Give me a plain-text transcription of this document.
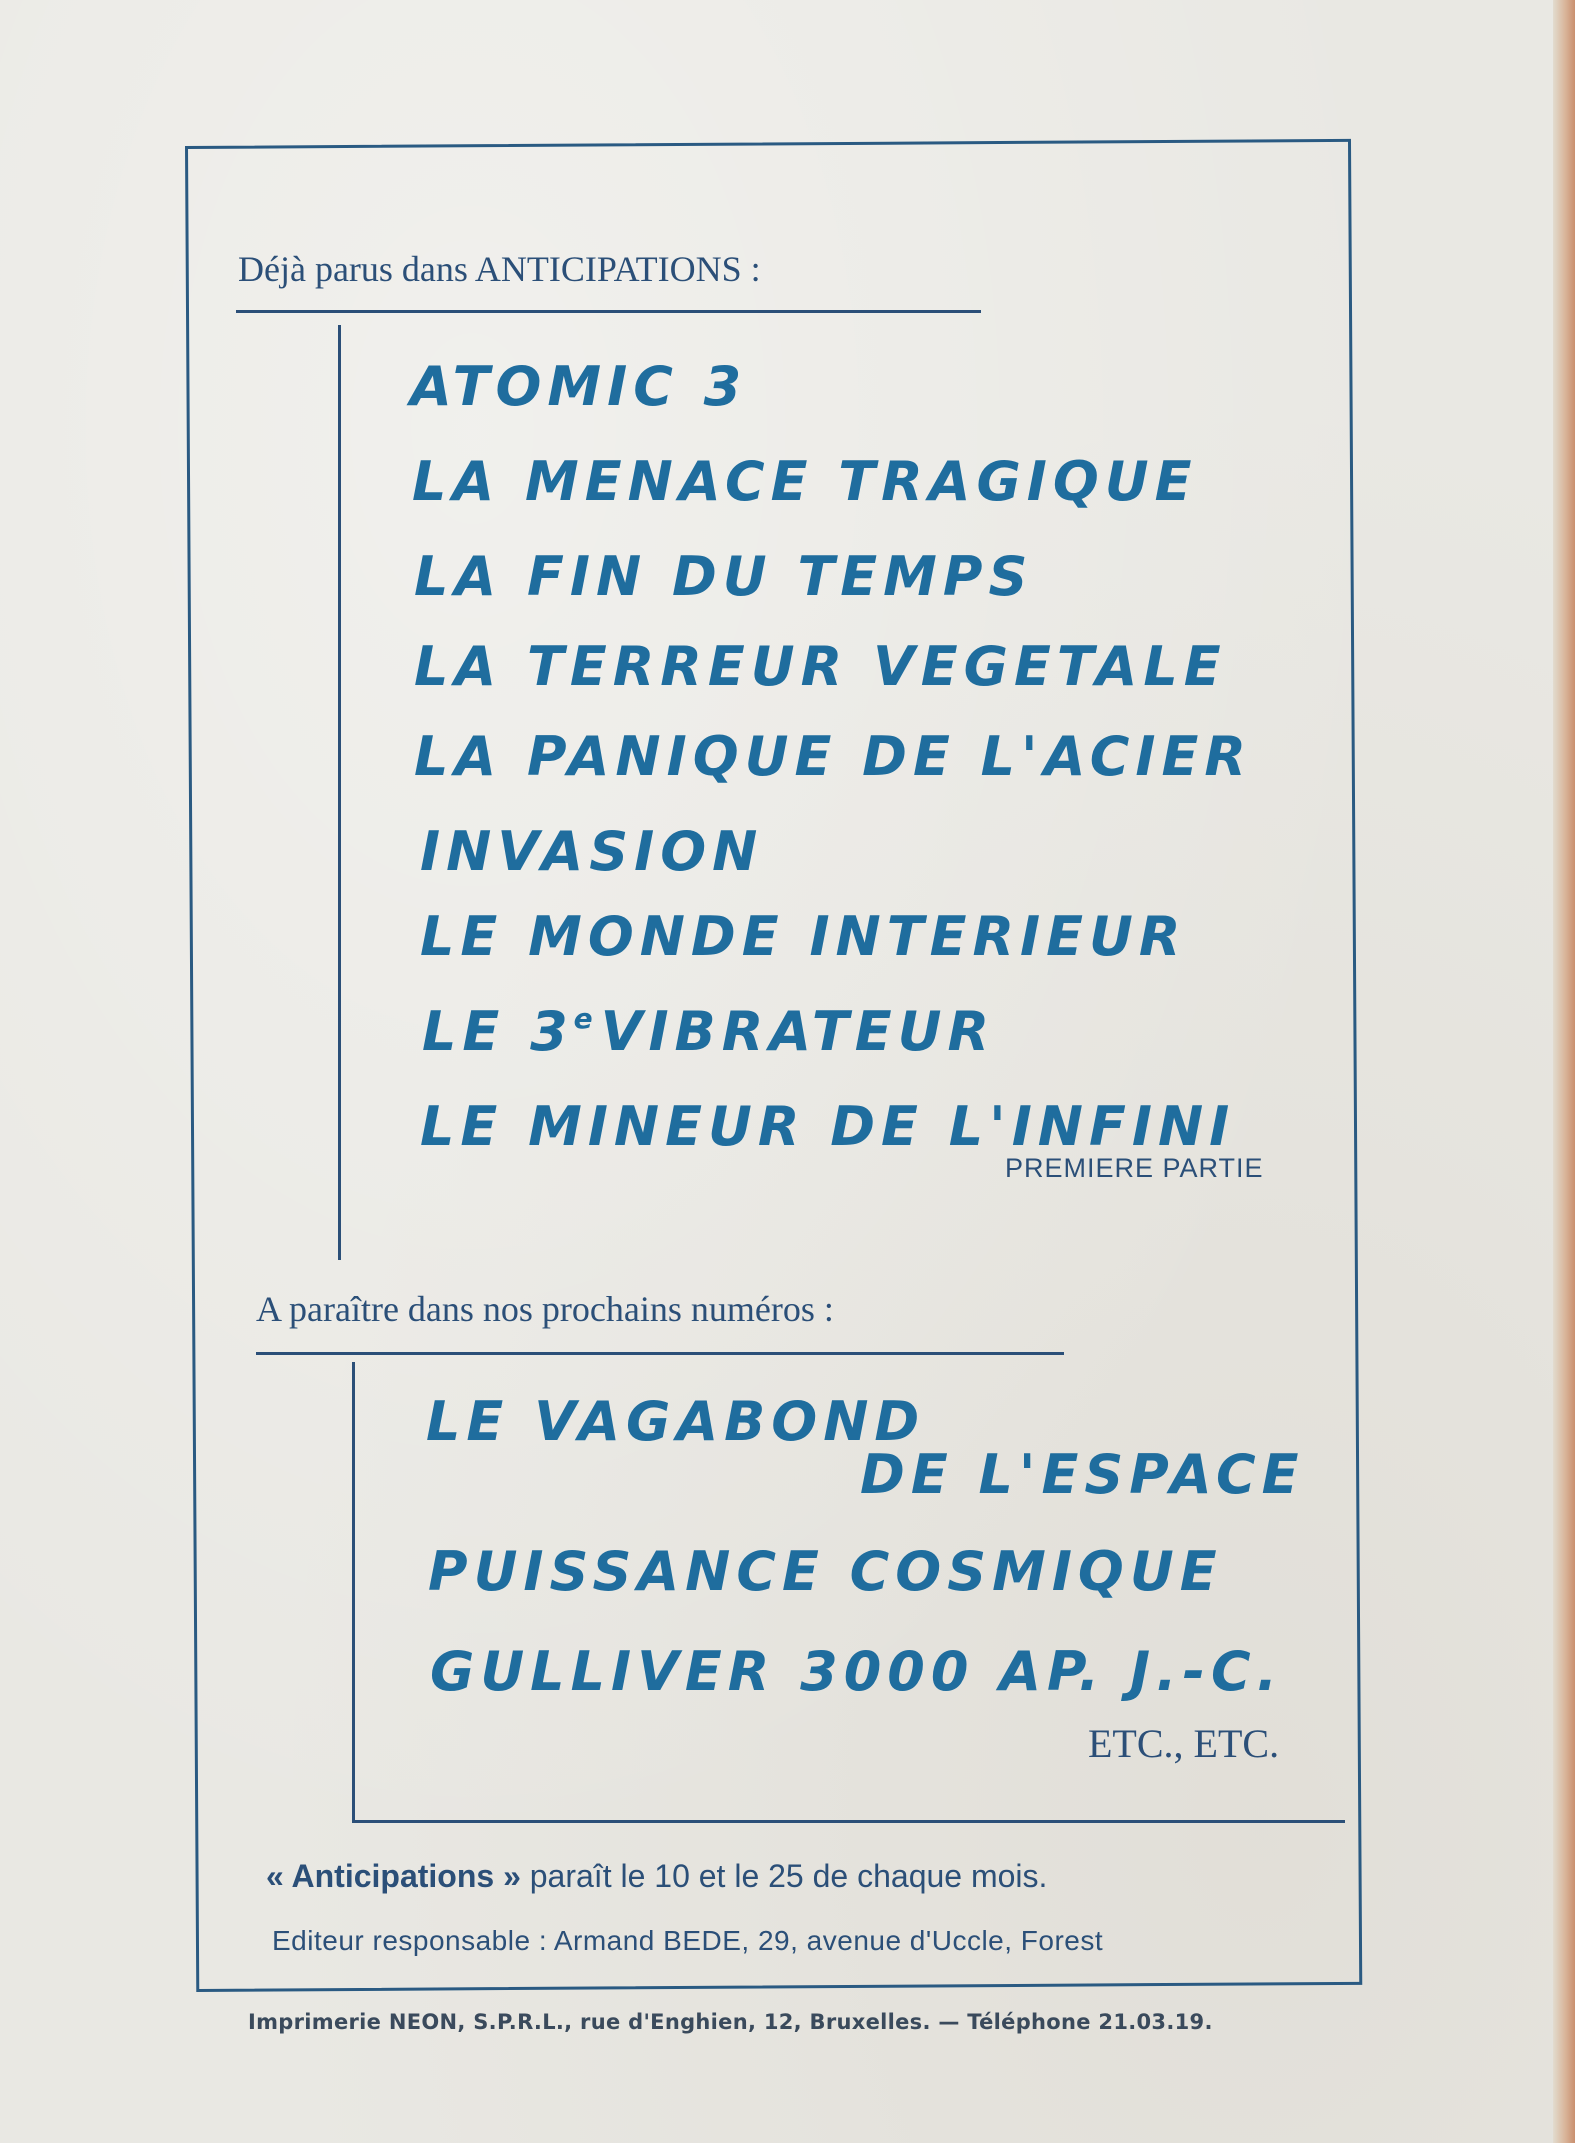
Déjà parus dans ANTICIPATIONS :
ATOMIC 3
LA MENACE TRAGIQUE
LA FIN DU TEMPS
LA TERREUR VEGETALE
LA PANIQUE DE L'ACIER
INVASION
LE MONDE INTERIEUR
LE 3e VIBRATEUR
LE MINEUR DE L'INFINI
PREMIERE PARTIE
A paraître dans nos prochains numéros :
LE VAGABOND
DE L'ESPACE
PUISSANCE COSMIQUE
GULLIVER 3000 AP. J.-C.
ETC., ETC.
« Anticipations » paraît le 10 et le 25 de chaque mois.
Editeur responsable : Armand BEDE, 29, avenue d'Uccle, Forest
Imprimerie NEON, S.P.R.L., rue d'Enghien, 12, Bruxelles. — Téléphone 21.03.19.
